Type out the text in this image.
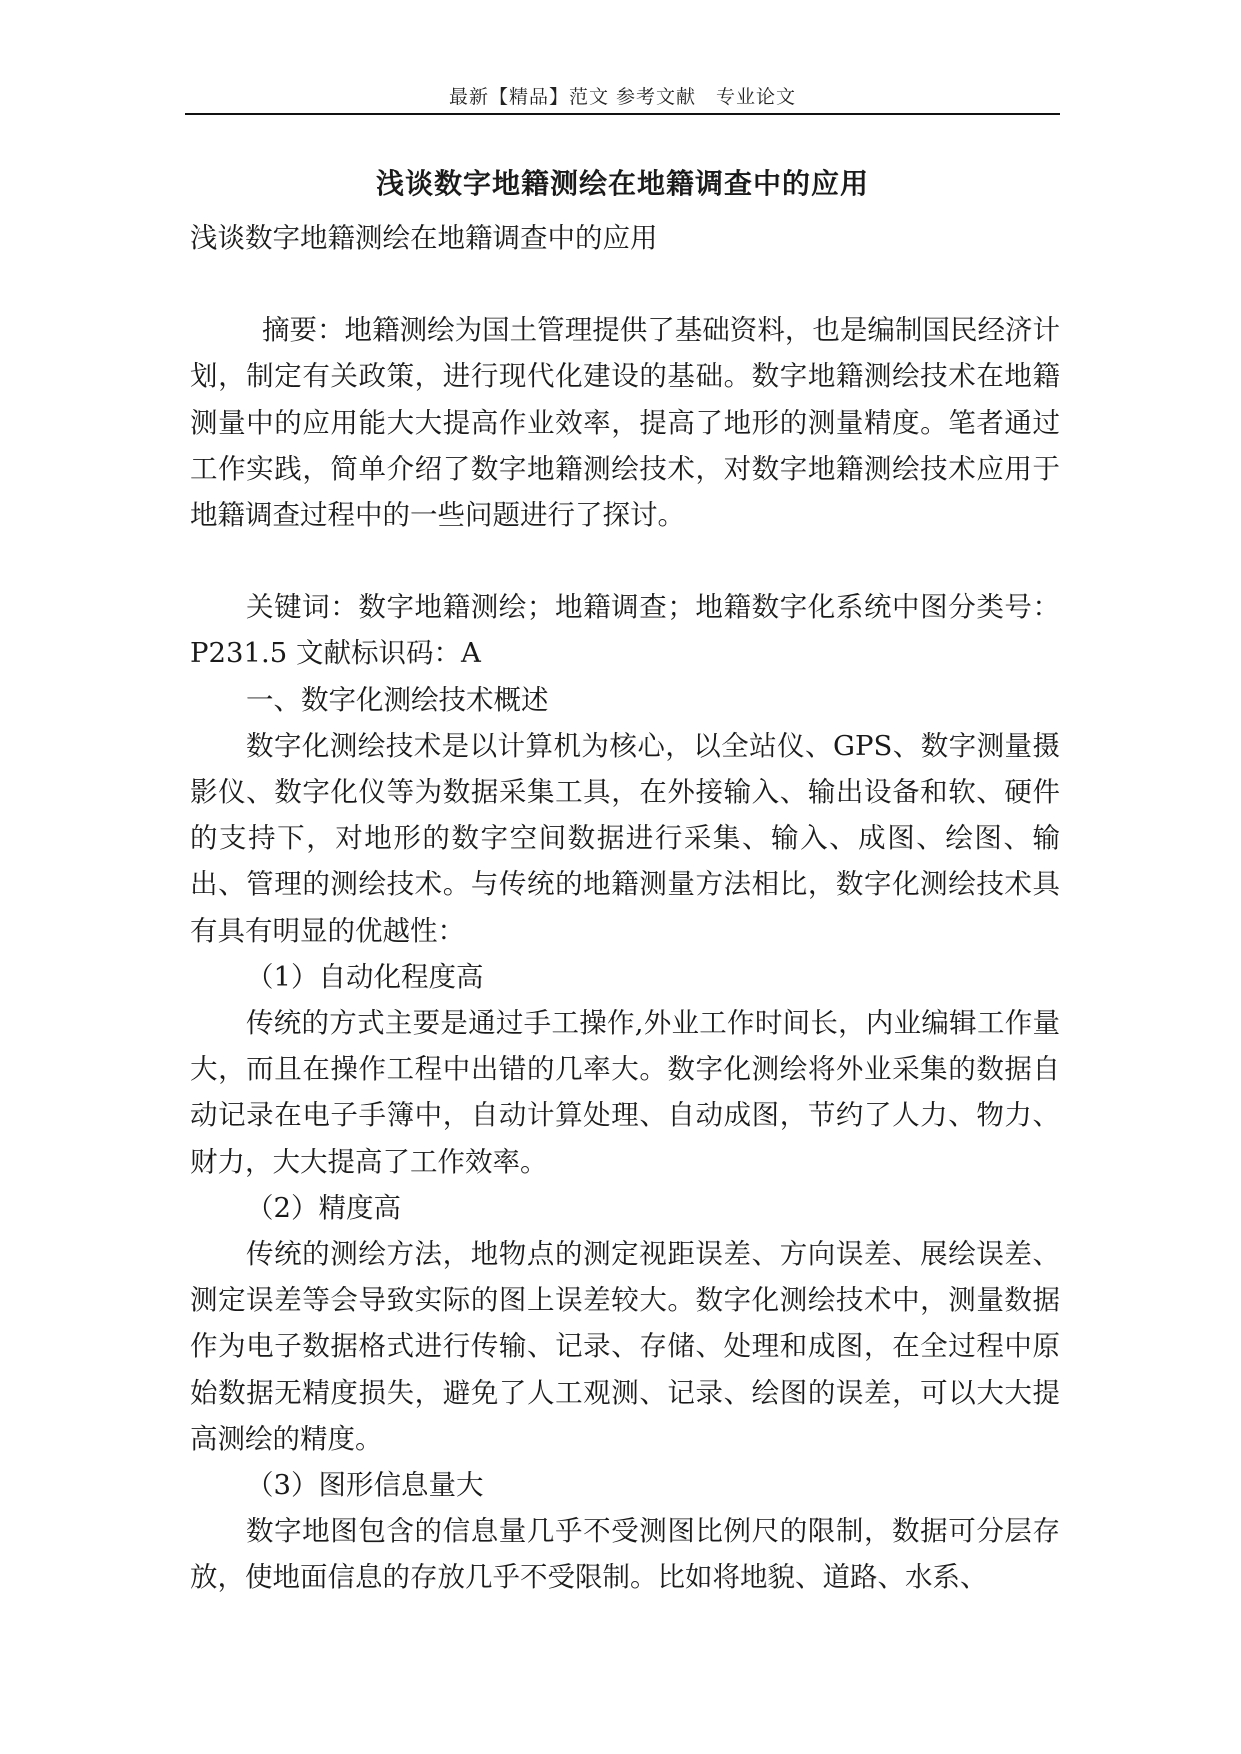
最新【精品】范文 参考文献　专业论文
浅谈数字地籍测绘在地籍调查中的应用

浅谈数字地籍测绘在地籍调查中的应用

摘要：地籍测绘为国土管理提供了基础资料，也是编制国民经济计划，制定有关政策，进行现代化建设的基础。数字地籍测绘技术在地籍测量中的应用能大大提高作业效率，提高了地形的测量精度。笔者通过工作实践，简单介绍了数字地籍测绘技术，对数字地籍测绘技术应用于地籍调查过程中的一些问题进行了探讨。

关键词：数字地籍测绘；地籍调查；地籍数字化系统中图分类号：P231.5 文献标识码：A

一、数字化测绘技术概述

数字化测绘技术是以计算机为核心，以全站仪、GPS、数字测量摄影仪、数字化仪等为数据采集工具，在外接输入、输出设备和软、硬件的支持下，对地形的数字空间数据进行采集、输入、成图、绘图、输出、管理的测绘技术。与传统的地籍测量方法相比，数字化测绘技术具有具有明显的优越性：

（1）自动化程度高

传统的方式主要是通过手工操作,外业工作时间长，内业编辑工作量大，而且在操作工程中出错的几率大。数字化测绘将外业采集的数据自动记录在电子手簿中，自动计算处理、自动成图，节约了人力、物力、财力，大大提高了工作效率。

（2）精度高

传统的测绘方法，地物点的测定视距误差、方向误差、展绘误差、测定误差等会导致实际的图上误差较大。数字化测绘技术中，测量数据作为电子数据格式进行传输、记录、存储、处理和成图，在全过程中原始数据无精度损失，避免了人工观测、记录、绘图的误差，可以大大提高测绘的精度。

（3）图形信息量大

数字地图包含的信息量几乎不受测图比例尺的限制，数据可分层存放，使地面信息的存放几乎不受限制。比如将地貌、道路、水系、
